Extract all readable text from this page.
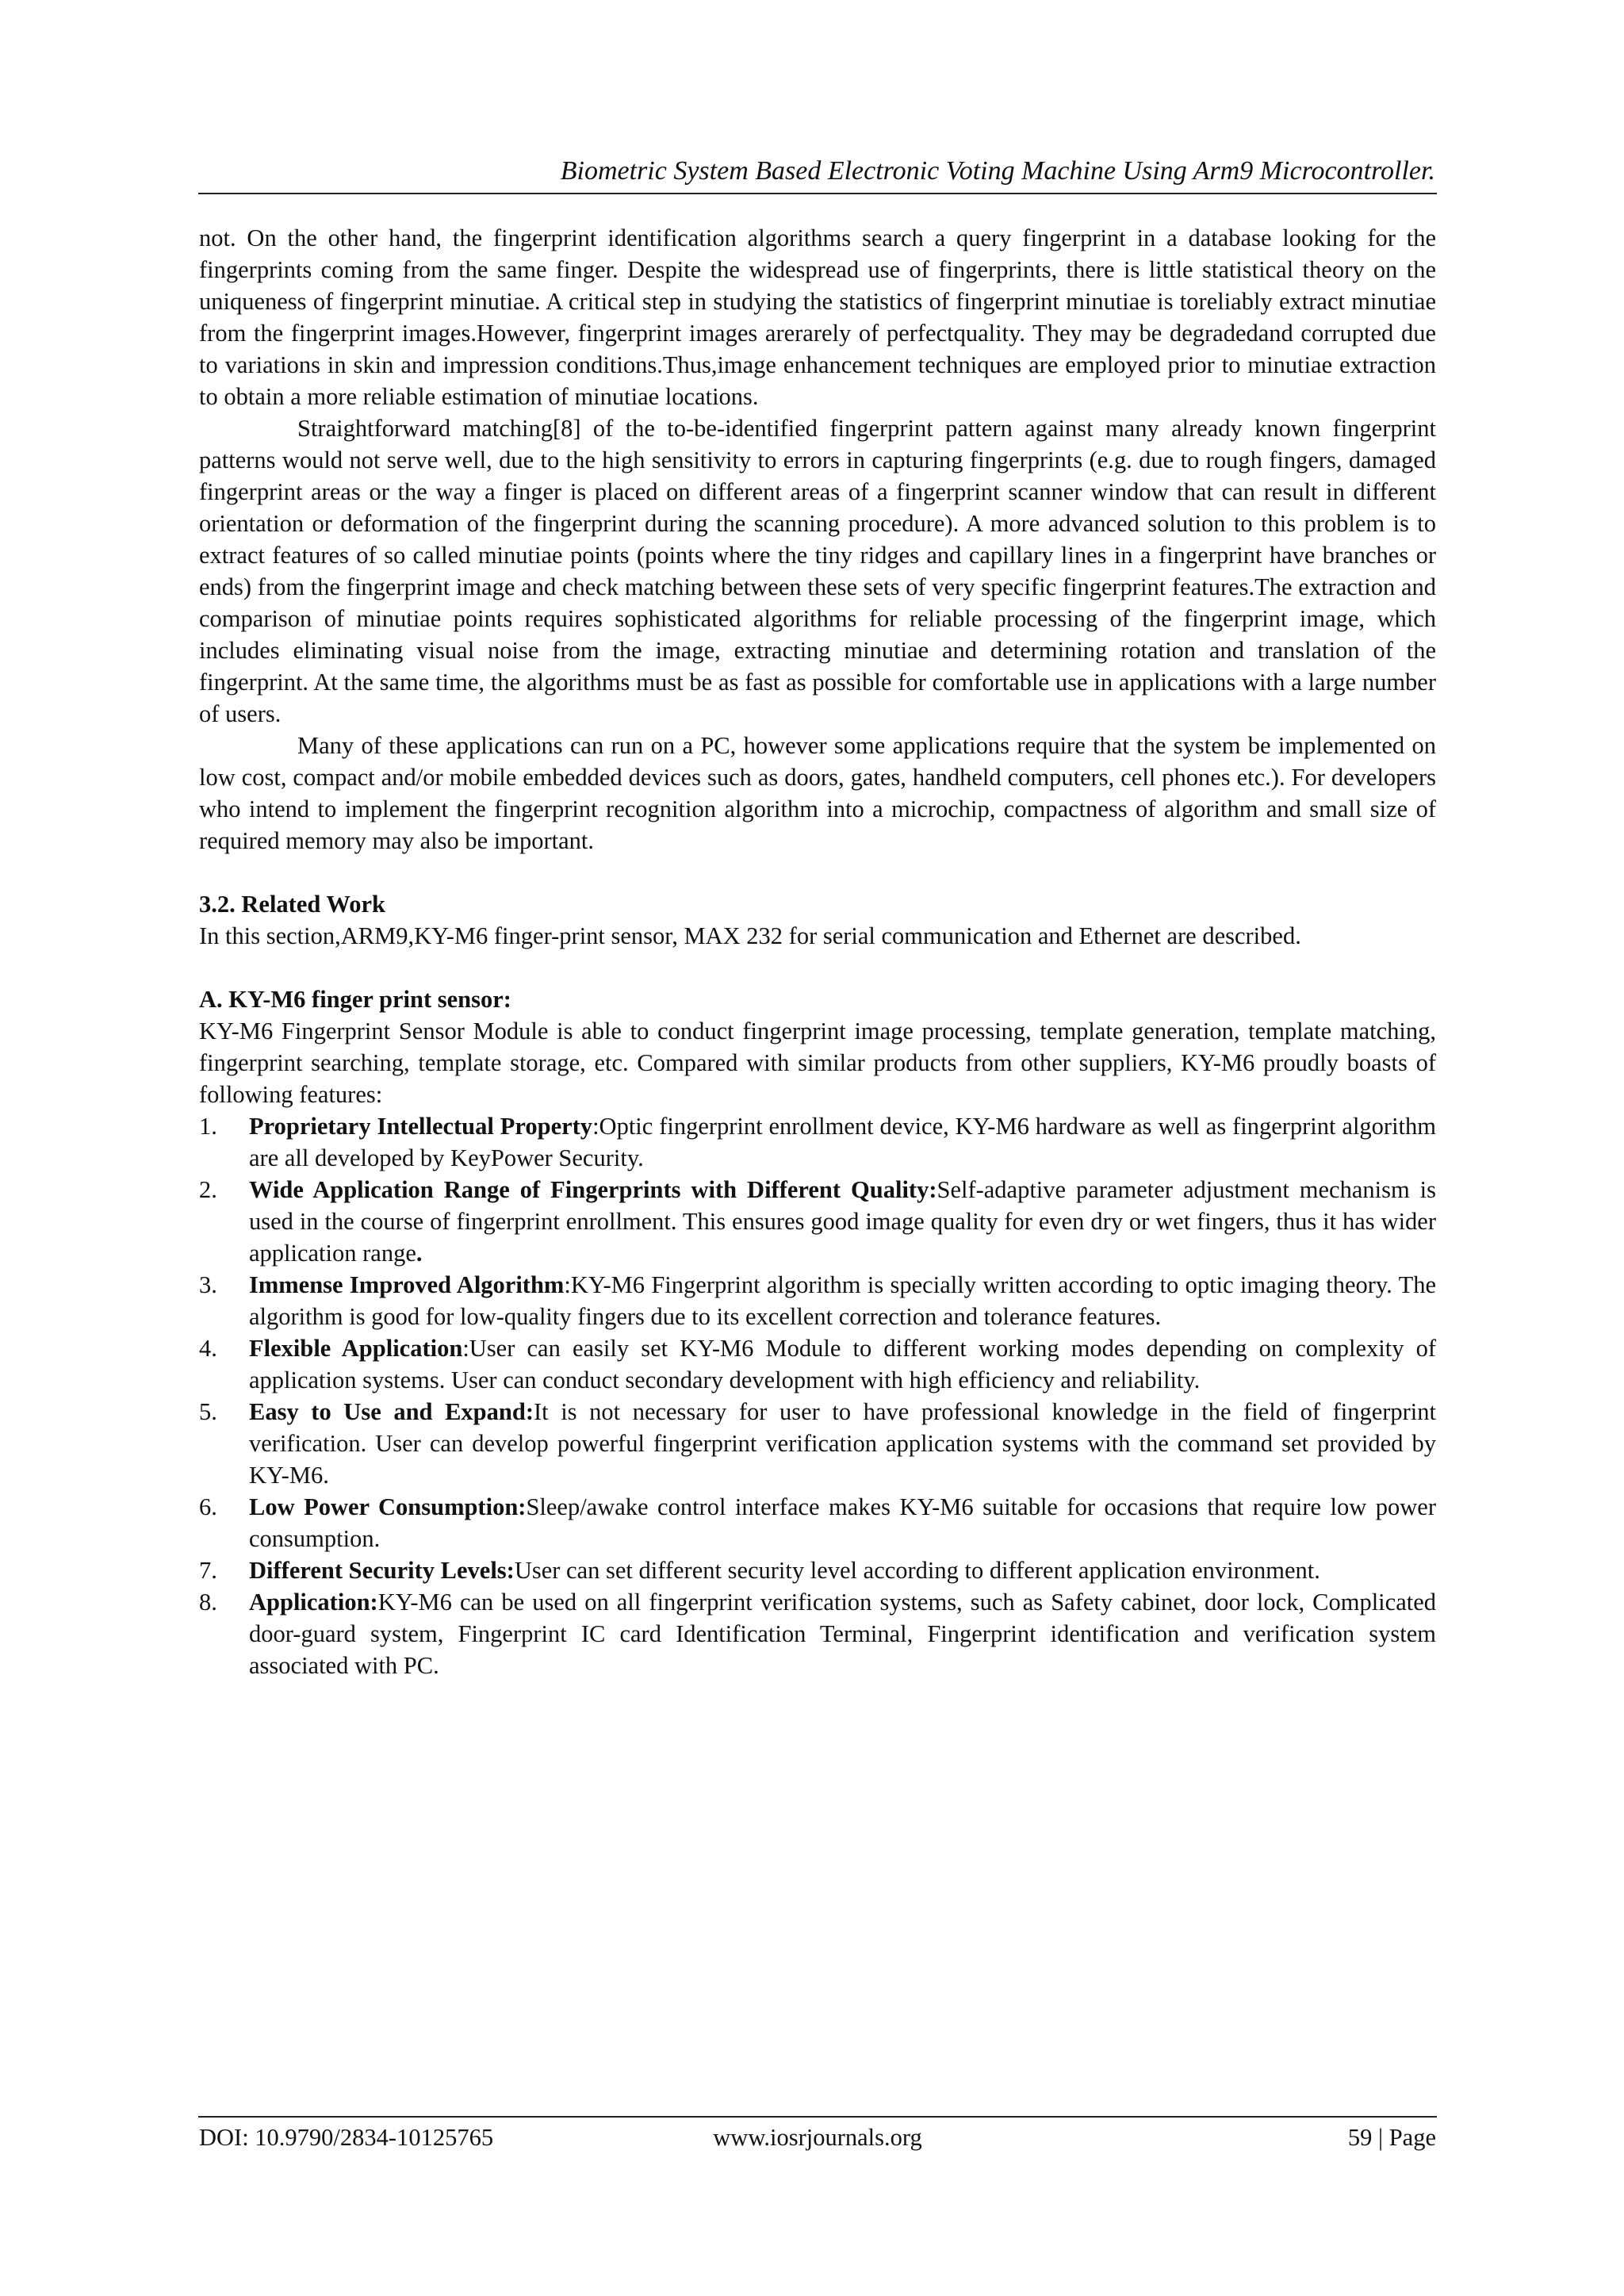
Biometric System Based Electronic Voting Machine Using Arm9 Microcontroller.

not. On the other hand, the fingerprint identification algorithms search a query fingerprint in a database looking for the fingerprints coming from the same finger. Despite the widespread use of fingerprints, there is little statistical theory on the uniqueness of fingerprint minutiae. A critical step in studying the statistics of fingerprint minutiae is toreliably extract minutiae from the fingerprint images.However, fingerprint images arerarely of perfectquality. They may be degradedand corrupted due to variations in skin and impression conditions.Thus,image enhancement techniques are employed prior to minutiae extraction to obtain a more reliable estimation of minutiae locations.

Straightforward matching[8] of the to-be-identified fingerprint pattern against many already known fingerprint patterns would not serve well, due to the high sensitivity to errors in capturing fingerprints (e.g. due to rough fingers, damaged fingerprint areas or the way a finger is placed on different areas of a fingerprint scanner window that can result in different orientation or deformation of the fingerprint during the scanning procedure). A more advanced solution to this problem is to extract features of so called minutiae points (points where the tiny ridges and capillary lines in a fingerprint have branches or ends) from the fingerprint image and check matching between these sets of very specific fingerprint features.The extraction and comparison of minutiae points requires sophisticated algorithms for reliable processing of the fingerprint image, which includes eliminating visual noise from the image, extracting minutiae and determining rotation and translation of the fingerprint. At the same time, the algorithms must be as fast as possible for comfortable use in applications with a large number of users.

Many of these applications can run on a PC, however some applications require that the system be implemented on low cost, compact and/or mobile embedded devices such as doors, gates, handheld computers, cell phones etc.). For developers who intend to implement the fingerprint recognition algorithm into a microchip, compactness of algorithm and small size of required memory may also be important.

3.2. Related Work

In this section,ARM9,KY-M6 finger-print sensor, MAX 232 for serial communication and Ethernet are described.

A. KY-M6 finger print sensor:

KY-M6 Fingerprint Sensor Module is able to conduct fingerprint image processing, template generation, template matching, fingerprint searching, template storage, etc. Compared with similar products from other suppliers, KY-M6 proudly boasts of following features:

1. Proprietary Intellectual Property:Optic fingerprint enrollment device, KY-M6 hardware as well as fingerprint algorithm are all developed by KeyPower Security.
2. Wide Application Range of Fingerprints with Different Quality:Self-adaptive parameter adjustment mechanism is used in the course of fingerprint enrollment. This ensures good image quality for even dry or wet fingers, thus it has wider application range.
3. Immense Improved Algorithm:KY-M6 Fingerprint algorithm is specially written according to optic imaging theory. The algorithm is good for low-quality fingers due to its excellent correction and tolerance features.
4. Flexible Application:User can easily set KY-M6 Module to different working modes depending on complexity of application systems. User can conduct secondary development with high efficiency and reliability.
5. Easy to Use and Expand:It is not necessary for user to have professional knowledge in the field of fingerprint verification. User can develop powerful fingerprint verification application systems with the command set provided by KY-M6.
6. Low Power Consumption:Sleep/awake control interface makes KY-M6 suitable for occasions that require low power consumption.
7. Different Security Levels:User can set different security level according to different application environment.
8. Application:KY-M6 can be used on all fingerprint verification systems, such as Safety cabinet, door lock, Complicated door-guard system, Fingerprint IC card Identification Terminal, Fingerprint identification and verification system associated with PC.
DOI: 10.9790/2834-10125765	www.iosrjournals.org	59 | Page
